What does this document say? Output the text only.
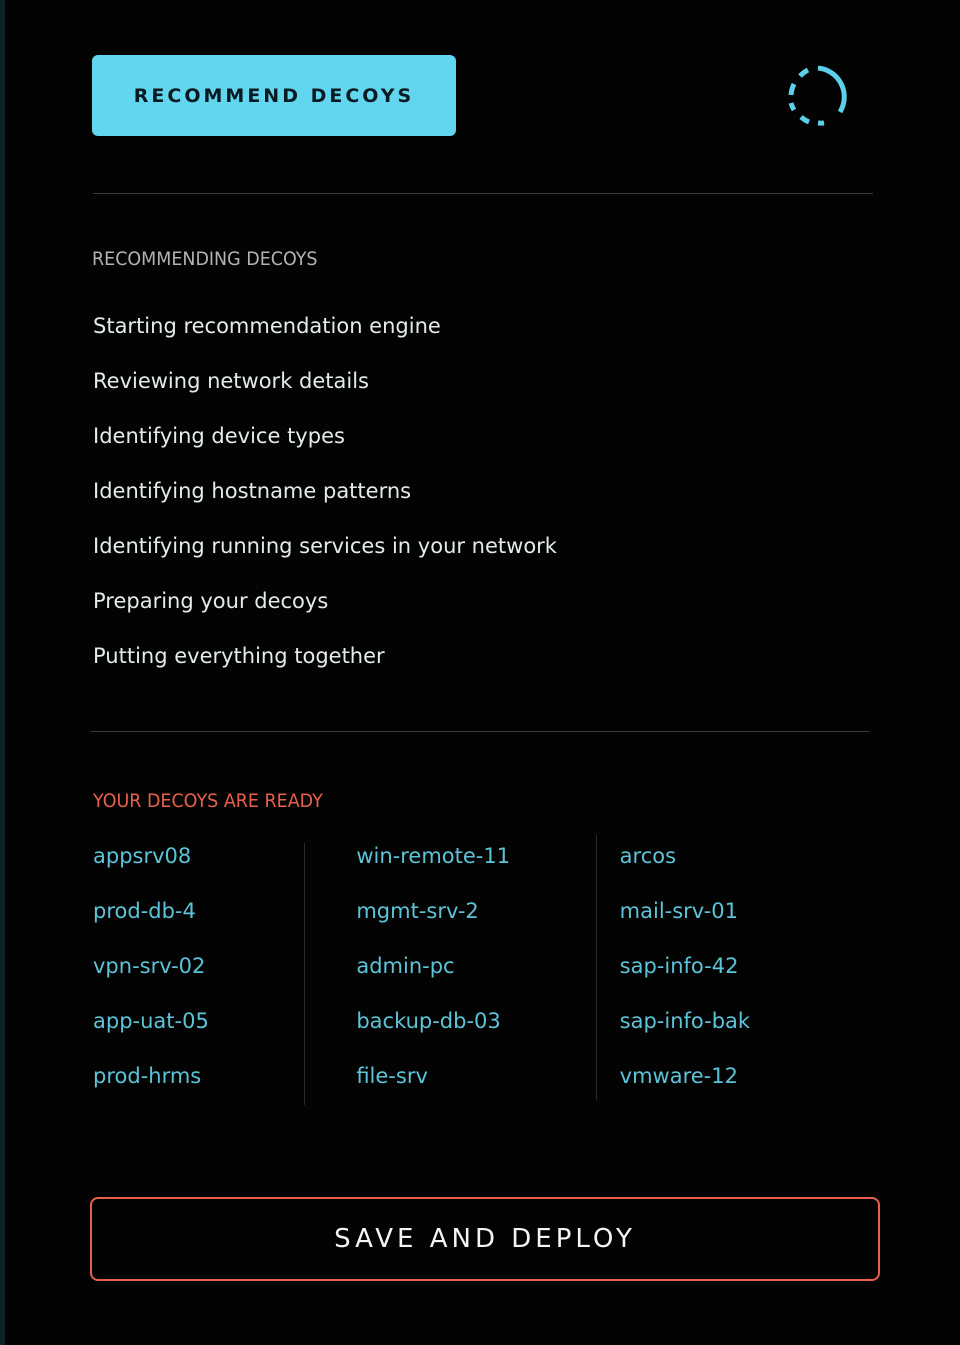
RECOMMEND DECOYS
RECOMMENDING DECOYS
Starting recommendation engine
Reviewing network details
Identifying device types
Identifying hostname patterns
Identifying running services in your network
Preparing your decoys
Putting everything together
YOUR DECOYS ARE READY
appsrv08
prod-db-4
vpn-srv-02
app-uat-05
prod-hrms
win-remote-11
mgmt-srv-2
admin-pc
backup-db-03
file-srv
arcos
mail-srv-01
sap-info-42
sap-info-bak
vmware-12
SAVE AND DEPLOY
